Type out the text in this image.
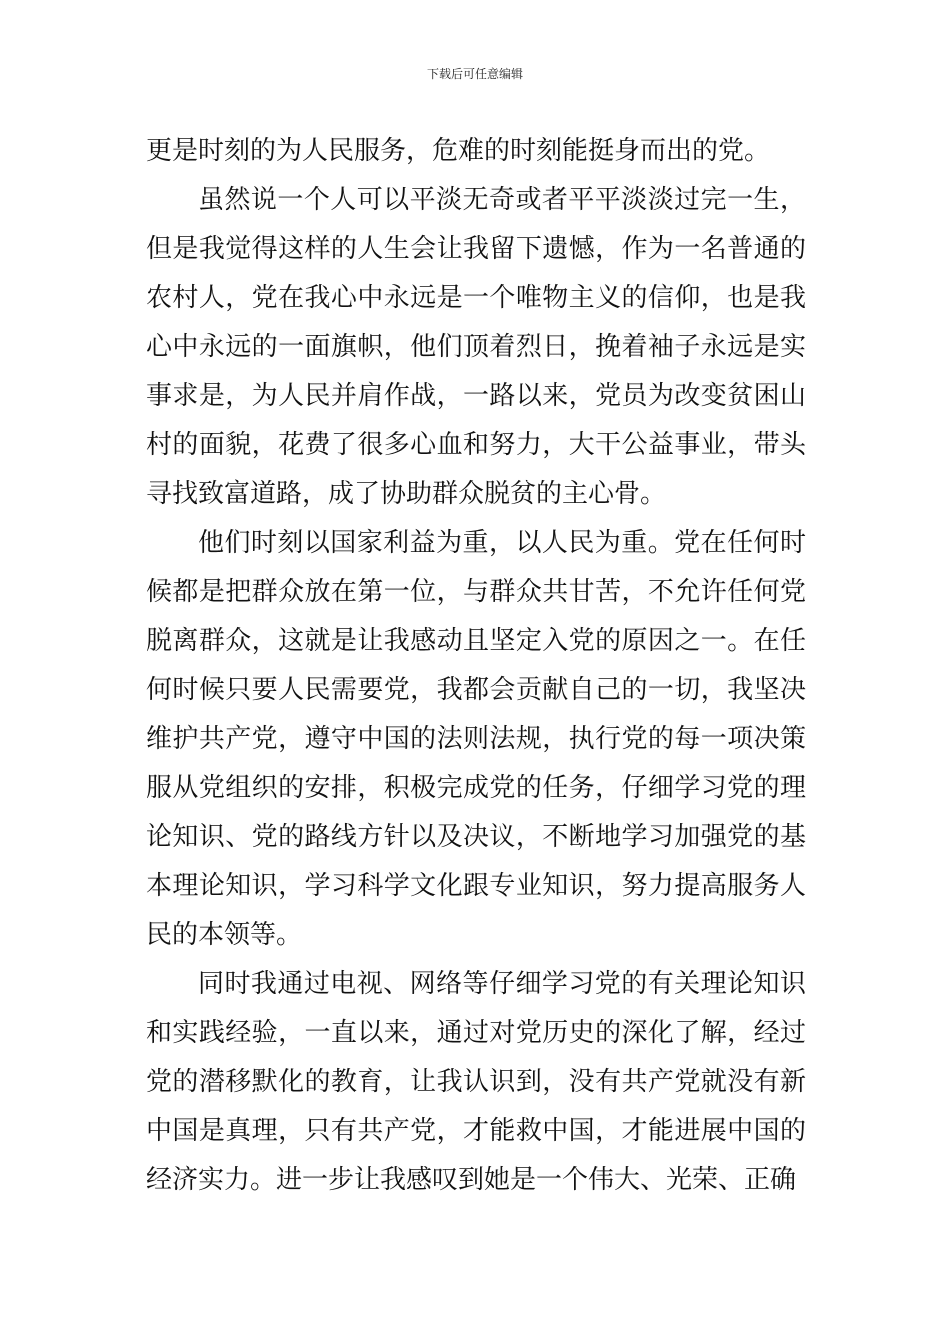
下载后可任意编辑

更是时刻的为人民服务，危难的时刻能挺身而出的党。

虽然说一个人可以平淡无奇或者平平淡淡过完一生，但是我觉得这样的人生会让我留下遗憾，作为一名普通的农村人，党在我心中永远是一个唯物主义的信仰，也是我心中永远的一面旗帜，他们顶着烈日，挽着袖子永远是实事求是，为人民并肩作战，一路以来，党员为改变贫困山村的面貌，花费了很多心血和努力，大干公益事业，带头寻找致富道路，成了协助群众脱贫的主心骨。

他们时刻以国家利益为重，以人民为重。党在任何时候都是把群众放在第一位，与群众共甘苦，不允许任何党脱离群众，这就是让我感动且坚定入党的原因之一。在任何时候只要人民需要党，我都会贡献自己的一切，我坚决维护共产党，遵守中国的法则法规，执行党的每一项决策服从党组织的安排，积极完成党的任务，仔细学习党的理论知识、党的路线方针以及决议，不断地学习加强党的基本理论知识，学习科学文化跟专业知识，努力提高服务人民的本领等。

同时我通过电视、网络等仔细学习党的有关理论知识和实践经验，一直以来，通过对党历史的深化了解，经过党的潜移默化的教育，让我认识到，没有共产党就没有新中国是真理，只有共产党，才能救中国，才能进展中国的经济实力。进一步让我感叹到她是一个伟大、光荣、正确
